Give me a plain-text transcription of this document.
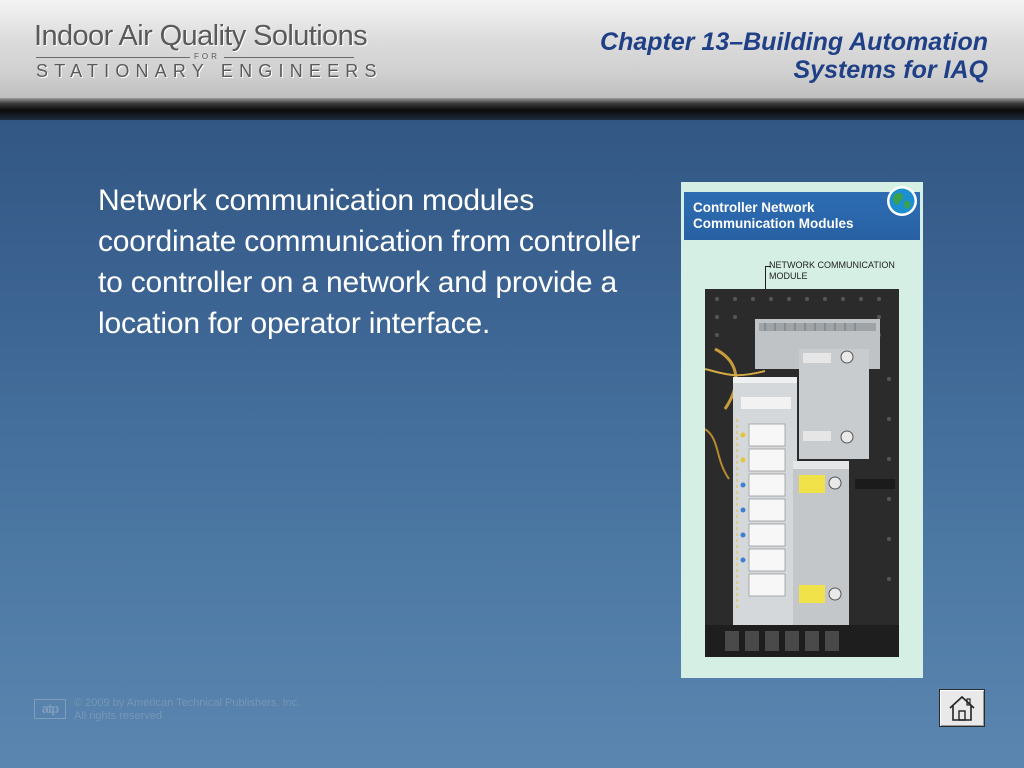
Indoor Air Quality Solutions
FOR
STATIONARY ENGINEERS
Chapter 13–Building Automation
Systems for IAQ
Network communication modules coordinate communication from controller to controller on a network and provide a location for operator interface.
Controller Network
Communication Modules
NETWORK COMMUNICATION
MODULE
atp	© 2009 by American Technical Publishers, Inc.
All rights reserved
